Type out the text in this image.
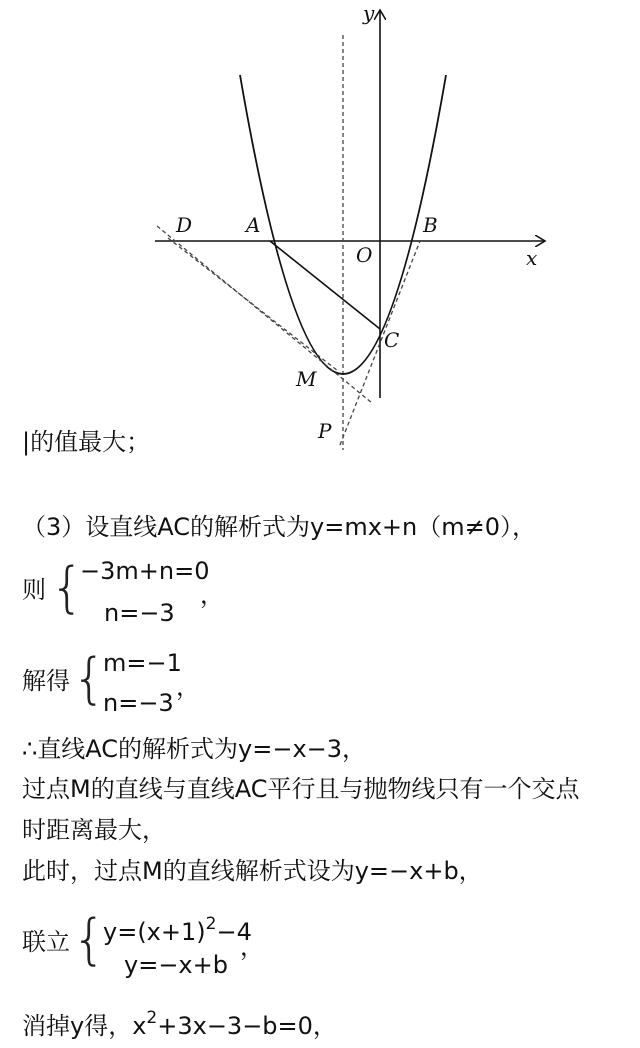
y
x
D	A	B
O
C
M
P
|的值最大；
（3）设直线AC的解析式为y=mx+n（m≠0），
则 {
−3m+n=0
n=−3
，
解得 {
m=−1
n=−3
，
∴直线AC的解析式为y=−x−3，
过点M的直线与直线AC平行且与抛物线只有一个交点
时距离最大，
此时，过点M的直线解析式设为y=−x+b，
联立 {
$y=(x+1)^2-4$
y=−x+b
，
消掉y得，$x^2+3x-3-b=0$，
